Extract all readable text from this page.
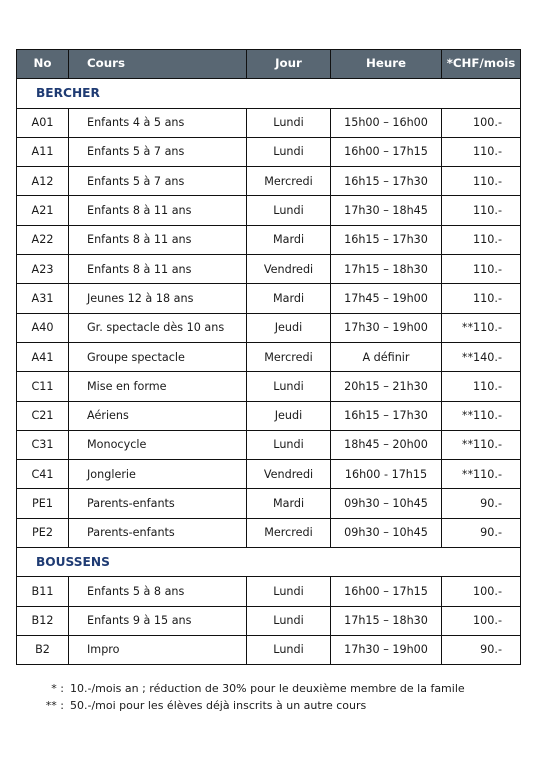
No	Cours	Jour	Heure	*CHF/mois
BERCHER				
A01	Enfants 4 à 5 ans	Lundi	15h00 – 16h00	100.-
A11	Enfants 5 à 7 ans	Lundi	16h00 – 17h15	110.-
A12	Enfants 5 à 7 ans	Mercredi	16h15 – 17h30	110.-
A21	Enfants 8 à 11 ans	Lundi	17h30 – 18h45	110.-
A22	Enfants 8 à 11 ans	Mardi	16h15 – 17h30	110.-
A23	Enfants 8 à 11 ans	Vendredi	17h15 – 18h30	110.-
A31	Jeunes 12 à 18 ans	Mardi	17h45 – 19h00	110.-
A40	Gr. spectacle dès 10 ans	Jeudi	17h30 – 19h00	**110.-
A41	Groupe spectacle	Mercredi	A définir	**140.-
C11	Mise en forme	Lundi	20h15 – 21h30	110.-
C21	Aériens	Jeudi	16h15 – 17h30	**110.-
C31	Monocycle	Lundi	18h45 – 20h00	**110.-
C41	Jonglerie	Vendredi	16h00 - 17h15	**110.-
PE1	Parents-enfants	Mardi	09h30 – 10h45	90.-
PE2	Parents-enfants	Mercredi	09h30 – 10h45	90.-
BOUSSENS				
B11	Enfants 5 à 8 ans	Lundi	16h00 – 17h15	100.-
B12	Enfants 9 à 15 ans	Lundi	17h15 – 18h30	100.-
B2	Impro	Lundi	17h30 – 19h00	90.-
* : 10.-/mois an ; réduction de 30% pour le deuxième membre de la famile
** : 50.-/moi pour les élèves déjà inscrits à un autre cours
